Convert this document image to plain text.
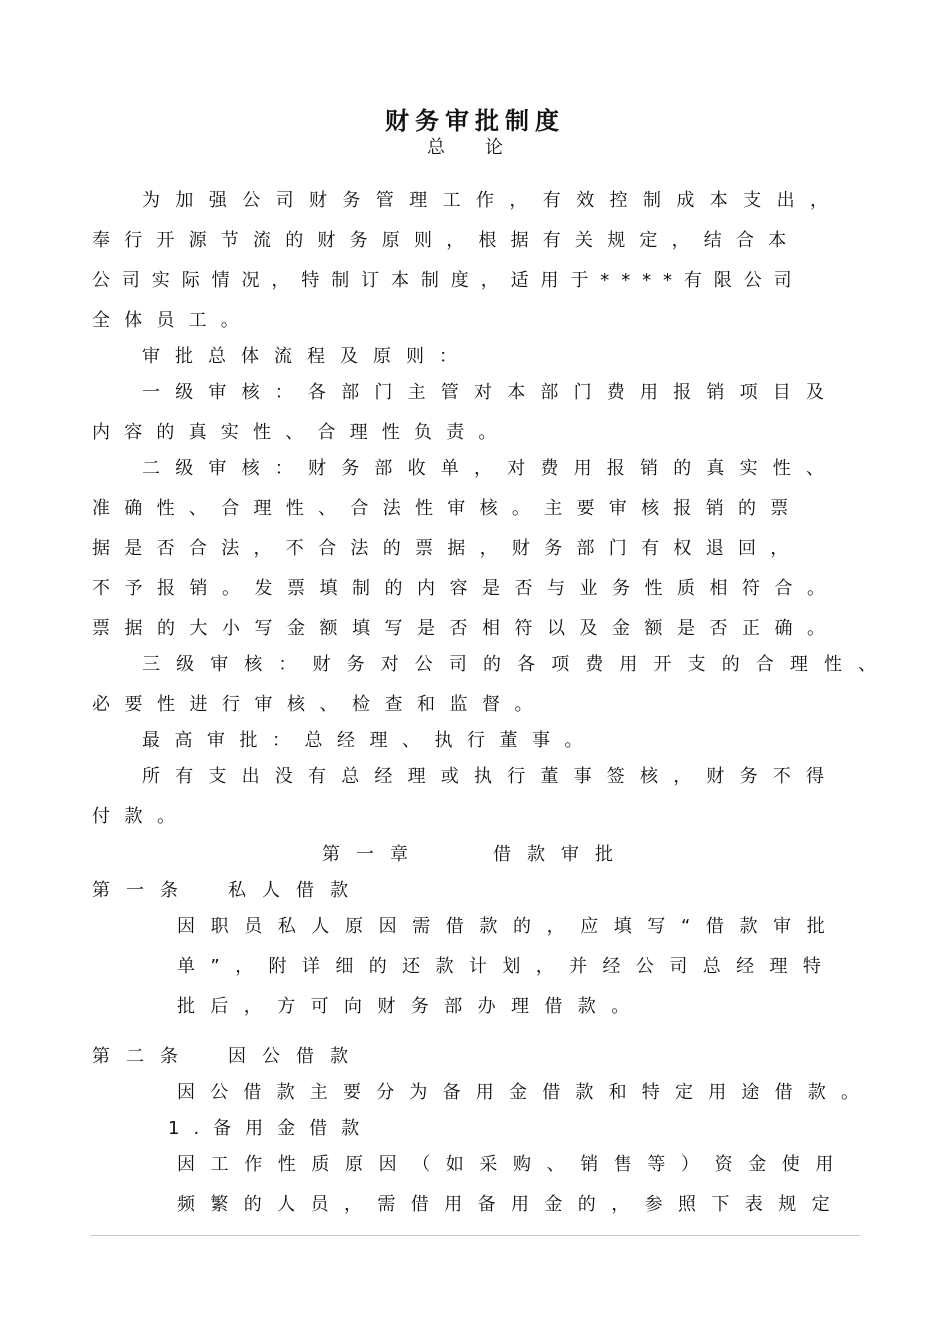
财务审批制度
总论

为加强公司财务管理工作，有效控制成本支出，

奉行开源节流的财务原则，根据有关规定，结合本

公司实际情况，特制订本制度，适用于****有限公司

全体员工。

审批总体流程及原则：

一级审核：各部门主管对本部门费用报销项目及

内容的真实性、合理性负责。

二级审核：财务部收单，对费用报销的真实性、

准确性、合理性、合法性审核。主要审核报销的票

据是否合法，不合法的票据，财务部门有权退回，

不予报销。发票填制的内容是否与业务性质相符合。

票据的大小写金额填写是否相符以及金额是否正确。

三级审核：财务对公司的各项费用开支的合理性、

必要性进行审核、检查和监督。

最高审批：总经理、执行董事。

所有支出没有总经理或执行董事签核，财务不得

付款。

第一章	借款审批

第一条 私人借款

因职员私人原因需借款的，应填写“借款审批

单”，附详细的还款计划，并经公司总经理特

批后，方可向财务部办理借款。

第二条 因公借款

因公借款主要分为备用金借款和特定用途借款。

1.备用金借款

因工作性质原因（如采购、销售等）资金使用

频繁的人员，需借用备用金的，参照下表规定
